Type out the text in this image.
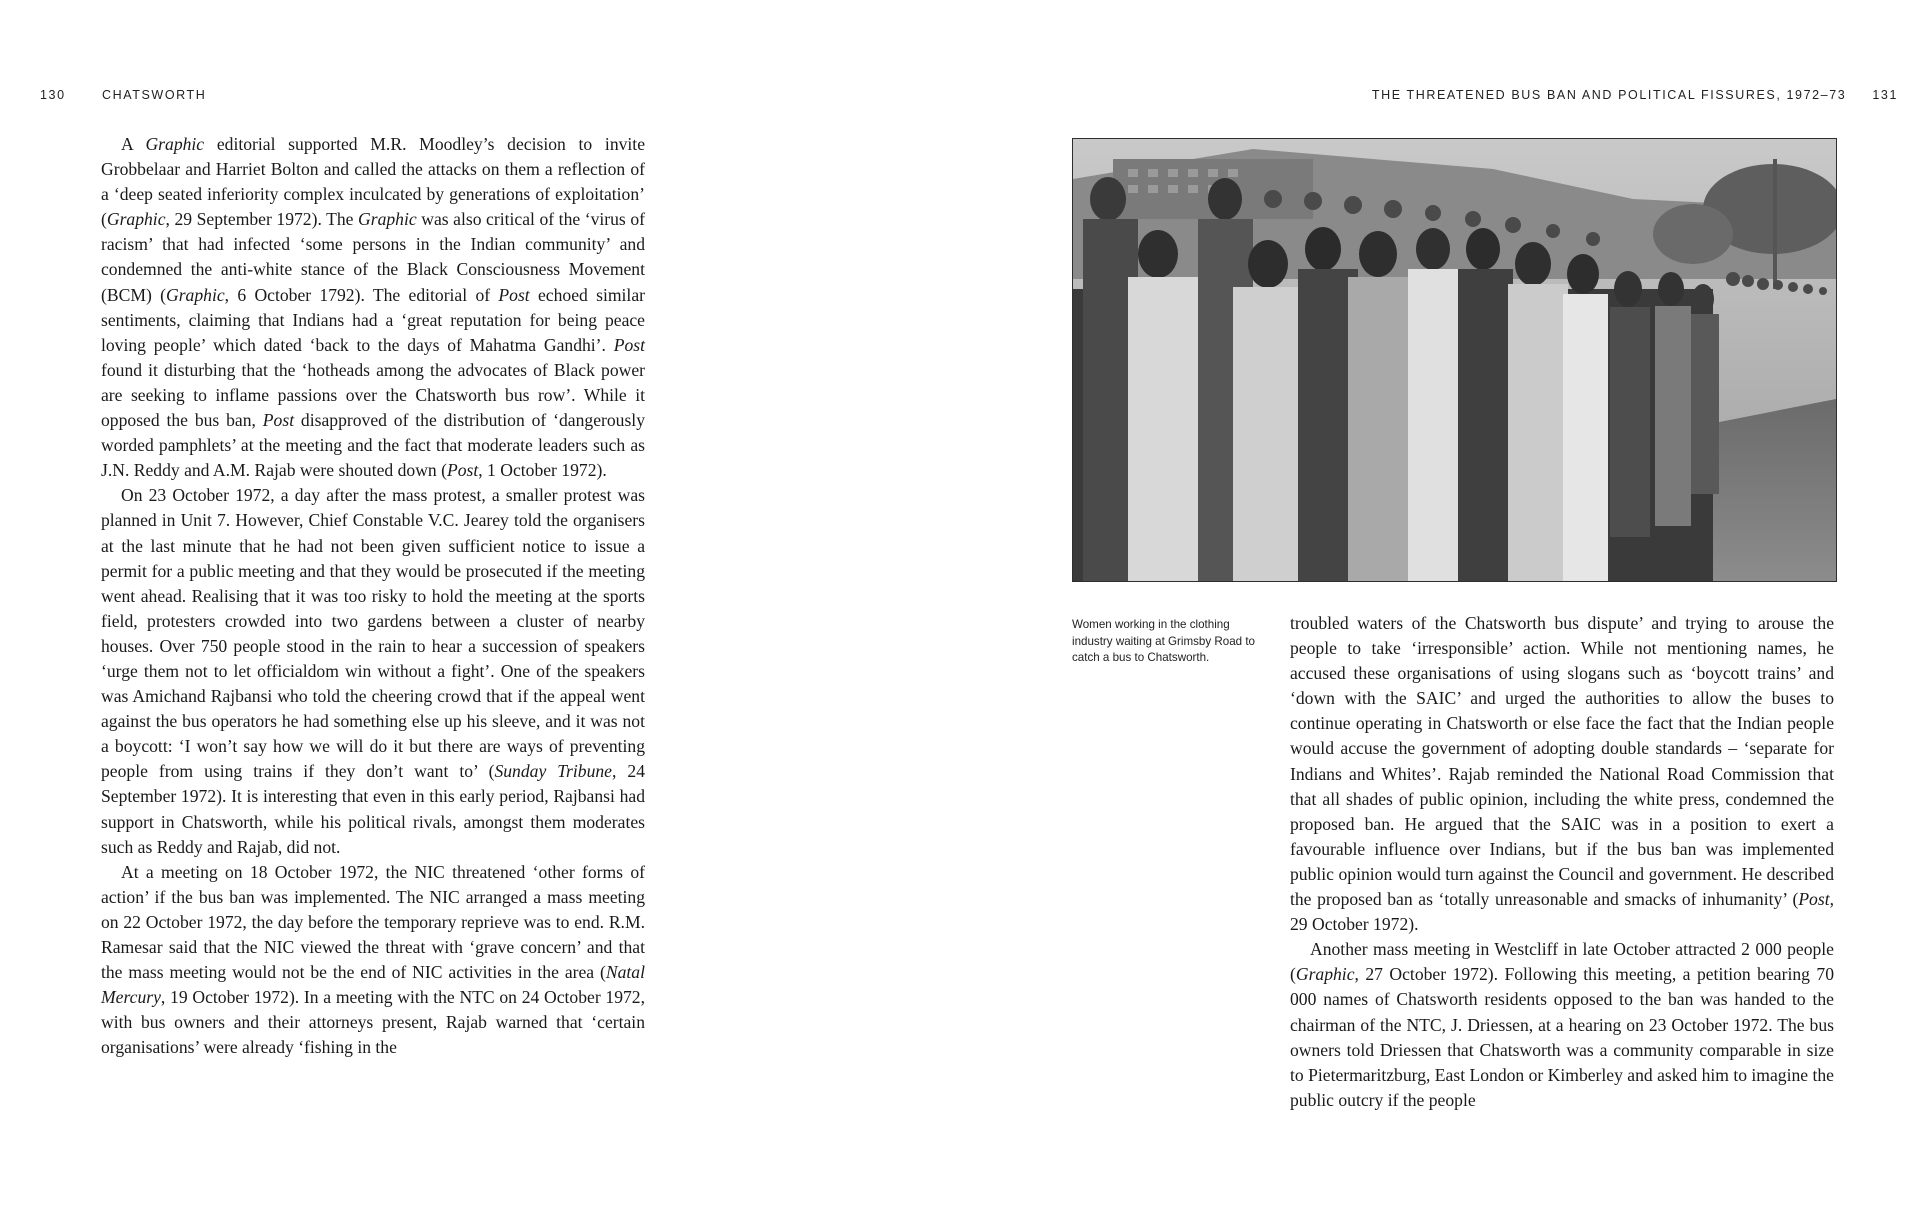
130	CHATSWORTH	THE THREATENED BUS BAN AND POLITICAL FISSURES, 1972–73 131

A Graphic editorial supported M.R. Moodley’s decision to invite Grobbelaar and Harriet Bolton and called the attacks on them a reflection of a ‘deep seated inferiority complex inculcated by generations of exploitation’ (Graphic, 29 September 1972). The Graphic was also critical of the ‘virus of racism’ that had infected ‘some persons in the Indian community’ and condemned the anti-white stance of the Black Consciousness Movement (BCM) (Graphic, 6 October 1792). The editorial of Post echoed similar sentiments, claiming that Indians had a ‘great reputation for being peace loving people’ which dated ‘back to the days of Mahatma Gandhi’. Post found it disturbing that the ‘hotheads among the advocates of Black power are seeking to inflame passions over the Chatsworth bus row’. While it opposed the bus ban, Post disapproved of the distribution of ‘dangerously worded pamphlets’ at the meeting and the fact that moderate leaders such as J.N. Reddy and A.M. Rajab were shouted down (Post, 1 October 1972).

On 23 October 1972, a day after the mass protest, a smaller protest was planned in Unit 7. However, Chief Constable V.C. Jearey told the organisers at the last minute that he had not been given sufficient notice to issue a permit for a public meeting and that they would be prosecuted if the meeting went ahead. Realising that it was too risky to hold the meeting at the sports field, protesters crowded into two gardens between a cluster of nearby houses. Over 750 people stood in the rain to hear a succession of speakers ‘urge them not to let officialdom win without a fight’. One of the speakers was Amichand Rajbansi who told the cheering crowd that if the appeal went against the bus operators he had something else up his sleeve, and it was not a boycott: ‘I won’t say how we will do it but there are ways of preventing people from using trains if they don’t want to’ (Sunday Tribune, 24 September 1972). It is interesting that even in this early period, Rajbansi had support in Chatsworth, while his political rivals, amongst them moderates such as Reddy and Rajab, did not.

At a meeting on 18 October 1972, the NIC threatened ‘other forms of action’ if the bus ban was implemented. The NIC arranged a mass meeting on 22 October 1972, the day before the temporary reprieve was to end. R.M. Ramesar said that the NIC viewed the threat with ‘grave concern’ and that the mass meeting would not be the end of NIC activities in the area (Natal Mercury, 19 October 1972). In a meeting with the NTC on 24 October 1972, with bus owners and their attorneys present, Rajab warned that ‘certain organisations’ were already ‘fishing in the

Women working in the clothing industry waiting at Grimsby Road to catch a bus to Chatsworth.

troubled waters of the Chatsworth bus dispute’ and trying to arouse the people to take ‘irresponsible’ action. While not mentioning names, he accused these organisations of using slogans such as ‘boycott trains’ and ‘down with the SAIC’ and urged the authorities to allow the buses to continue operating in Chatsworth or else face the fact that the Indian people would accuse the government of adopting double standards – ‘separate for Indians and Whites’. Rajab reminded the National Road Commission that that all shades of public opinion, including the white press, condemned the proposed ban. He argued that the SAIC was in a position to exert a favourable influence over Indians, but if the bus ban was implemented public opinion would turn against the Council and government. He described the proposed ban as ‘totally unreasonable and smacks of inhumanity’ (Post, 29 October 1972).

Another mass meeting in Westcliff in late October attracted 2 000 people (Graphic, 27 October 1972). Following this meeting, a petition bearing 70 000 names of Chatsworth residents opposed to the ban was handed to the chairman of the NTC, J. Driessen, at a hearing on 23 October 1972. The bus owners told Driessen that Chatsworth was a community comparable in size to Pietermaritzburg, East London or Kimberley and asked him to imagine the public outcry if the people
